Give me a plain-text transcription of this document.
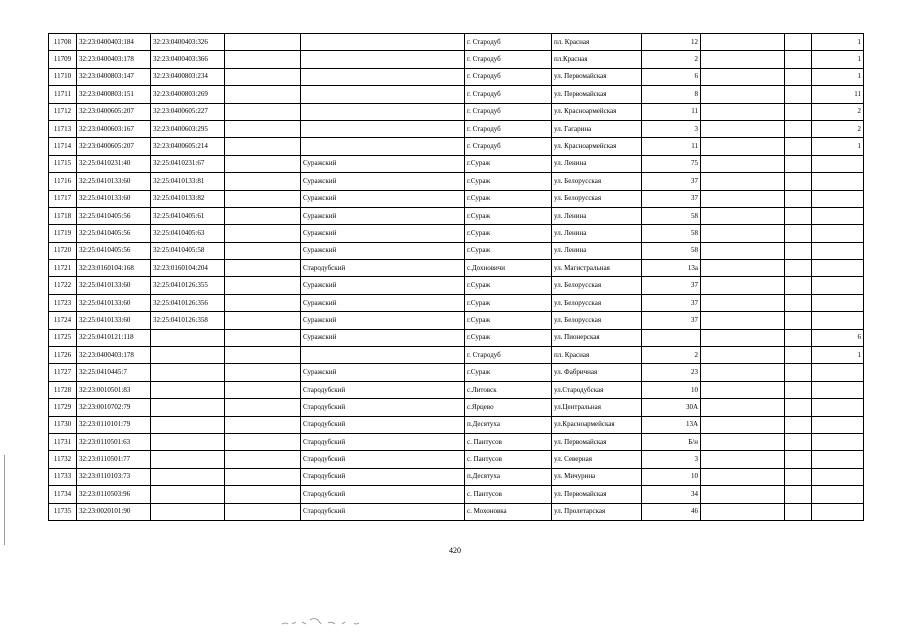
11708	32:23:0400403:184	32:23:0400403:326			г. Стародуб	пл. Красная	12			1
11709	32:23:0400403:178	32:23:0400403:366			г. Стародуб	пл.Красная	2			1
11710	32:23:0400803:147	32:23:0400803:234			г. Стародуб	ул. Первомайская	6			1
11711	32:23:0400803:151	32:23:0400803:269			г. Стародуб	ул. Первомайская	8			11
11712	32:23:0400605:207	32:23:0400605:227			г. Стародуб	ул. Красноармейская	11			2
11713	32:23:0400603:167	32:23:0400603:295			г. Стародуб	ул. Гагарина	3			2
11714	32:23:0400605:207	32:23:0400605:214			г. Стародуб	ул. Красноармейская	11			1
11715	32:25:0410231:40	32:25:0410231:67		Суражский	г.Сураж	ул. Ленина	75			
11716	32:25:0410133:60	32:25:0410133:81		Суражский	г.Сураж	ул. Белорусская	37			
11717	32:25:0410133:60	32:25:0410133:82		Суражский	г.Сураж	ул. Белорусская	37			
11718	32:25:0410405:56	32:25:0410405:61		Суражский	г.Сураж	ул. Ленина	58			
11719	32:25:0410405:56	32:25:0410405:63		Суражский	г.Сураж	ул. Ленина	58			
11720	32:25:0410405:56	32:25:0410405:58		Суражский	г.Сураж	ул. Ленина	58			
11721	32:23:0160104:168	32:23:0160104:204		Стародубский	с.Дохновичи	ул. Магистральная	13а			
11722	32:25:0410133:60	32:25:0410126:355		Суражский	г.Сураж	ул. Белорусская	37			
11723	32:25:0410133:60	32:25:0410126:356		Суражский	г.Сураж	ул. Белорусская	37			
11724	32:25:0410133:60	32:25:0410126:358		Суражский	г.Сураж	ул. Белорусская	37			
11725	32:25:0410121:118			Суражский	г.Сураж	ул. Пионерская				6
11726	32:23:0400403:178				г. Стародуб	пл. Красная	2			1
11727	32:25:0410445:7			Суражский	г.Сураж	ул. Фабричная	23			
11728	32:23:0010501:83			Стародубский	с.Литовск	ул.Стародубская	10			
11729	32:23:0010702:79			Стародубский	с.Ярцево	ул.Центральная	30А			
11730	32:23:0110101:79			Стародубский	п.Десятуха	ул.Красноармейская	13А			
11731	32:23:0110501:63			Стародубский	с. Пантусов	ул. Первомайская	Б/н			
11732	32:23:0110501:77			Стародубский	с. Пантусов	ул. Северная	3			
11733	32:23:0110103:73			Стародубский	п.Десятуха	ул. Мичурина	10			
11734	32:23:0110503:96			Стародубский	с. Пантусов	ул. Первомайская	34			
11735	32:23:0020101:90			Стародубский	с. Мохоновка	ул. Пролетарская	46			
420
